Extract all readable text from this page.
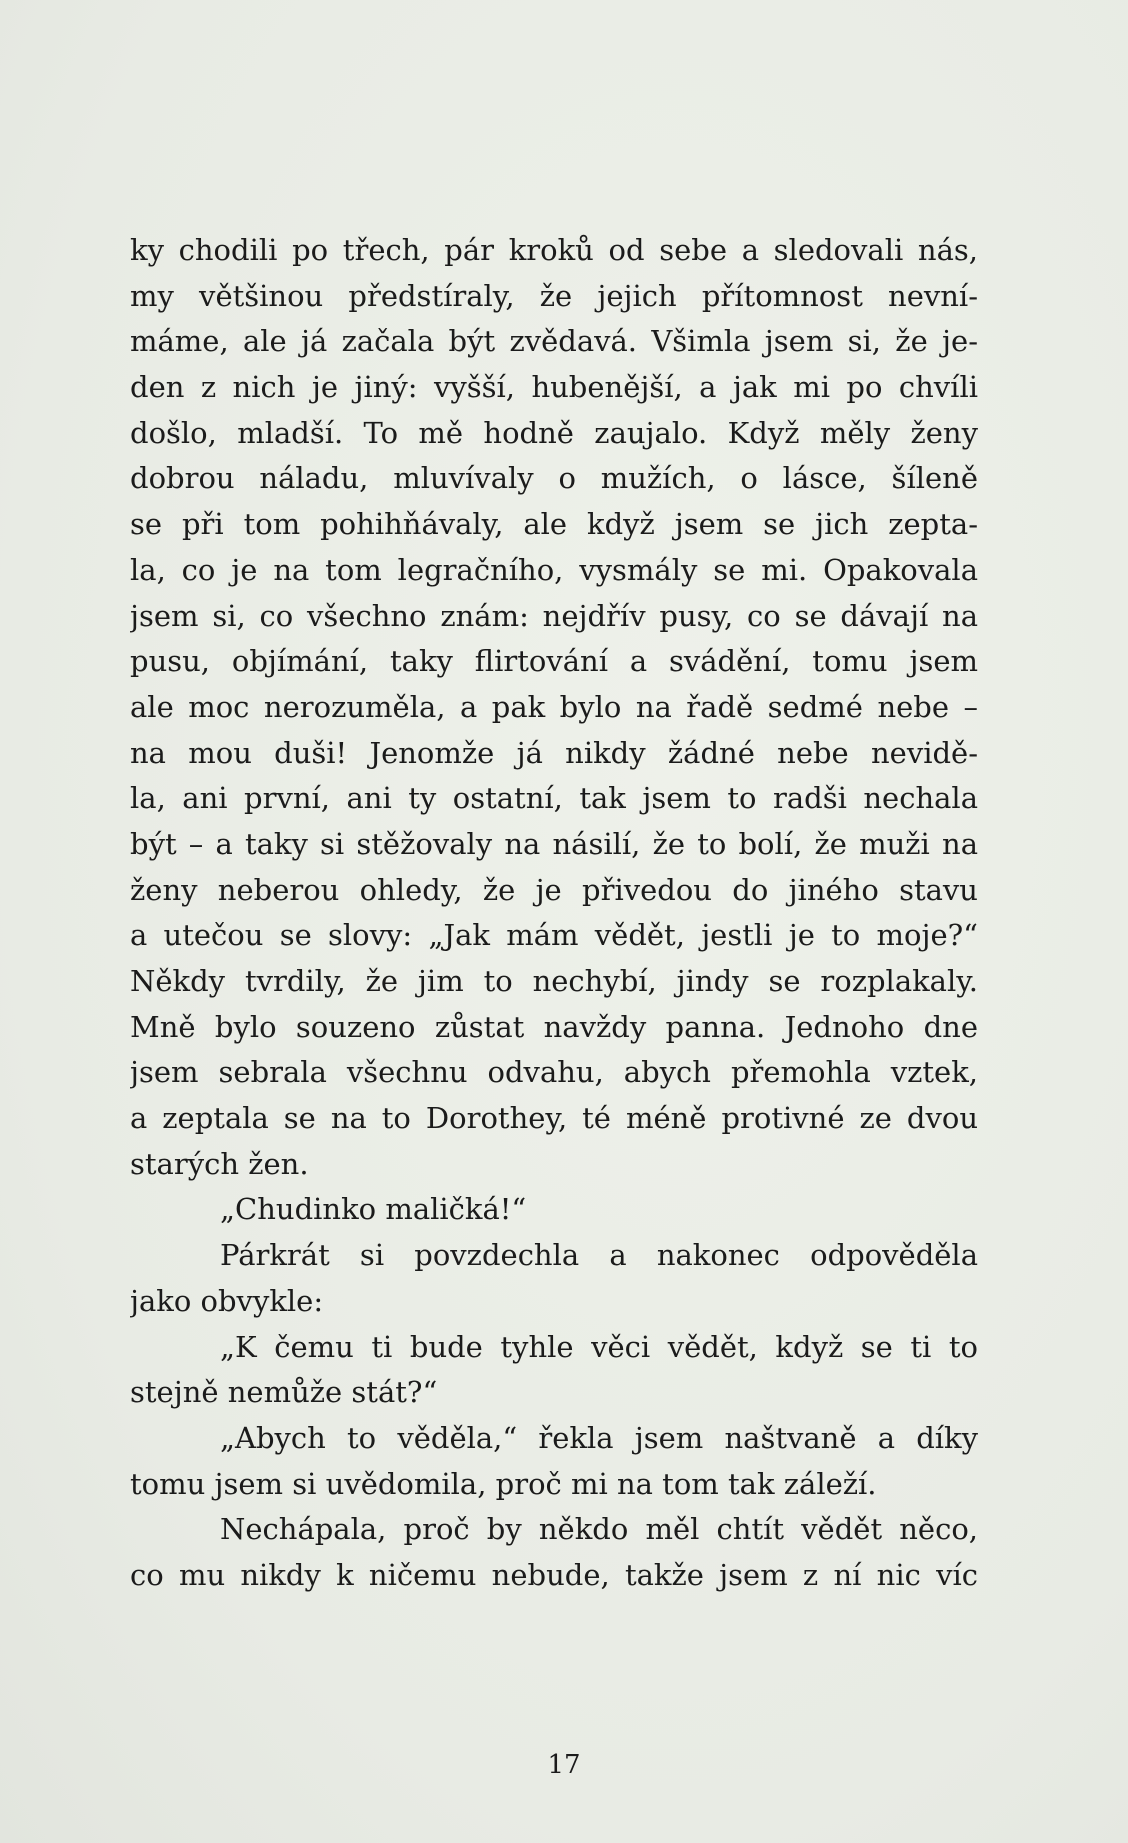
ky chodili po třech, pár kroků od sebe a sledovali nás,
my většinou předstíraly, že jejich přítomnost nevní-
máme, ale já začala být zvědavá. Všimla jsem si, že je-
den z nich je jiný: vyšší, hubenější, a jak mi po chvíli
došlo, mladší. To mě hodně zaujalo. Když měly ženy
dobrou náladu, mluvívaly o mužích, o lásce, šíleně
se při tom pohihňávaly, ale když jsem se jich zepta-
la, co je na tom legračního, vysmály se mi. Opakovala
jsem si, co všechno znám: nejdřív pusy, co se dávají na
pusu, objímání, taky flirtování a svádění, tomu jsem
ale moc nerozuměla, a pak bylo na řadě sedmé nebe –
na mou duši! Jenomže já nikdy žádné nebe nevidě-
la, ani první, ani ty ostatní, tak jsem to radši nechala
být – a taky si stěžovaly na násilí, že to bolí, že muži na
ženy neberou ohledy, že je přivedou do jiného stavu
a utečou se slovy: „Jak mám vědět, jestli je to moje?“
Někdy tvrdily, že jim to nechybí, jindy se rozplakaly.
Mně bylo souzeno zůstat navždy panna. Jednoho dne
jsem sebrala všechnu odvahu, abych přemohla vztek,
a zeptala se na to Dorothey, té méně protivné ze dvou
starých žen.
„Chudinko maličká!“
Párkrát si povzdechla a nakonec odpověděla
jako obvykle:
„K čemu ti bude tyhle věci vědět, když se ti to
stejně nemůže stát?“
„Abych to věděla,“ řekla jsem naštvaně a díky
tomu jsem si uvědomila, proč mi na tom tak záleží.
Nechápala, proč by někdo měl chtít vědět něco,
co mu nikdy k ničemu nebude, takže jsem z ní nic víc
17
